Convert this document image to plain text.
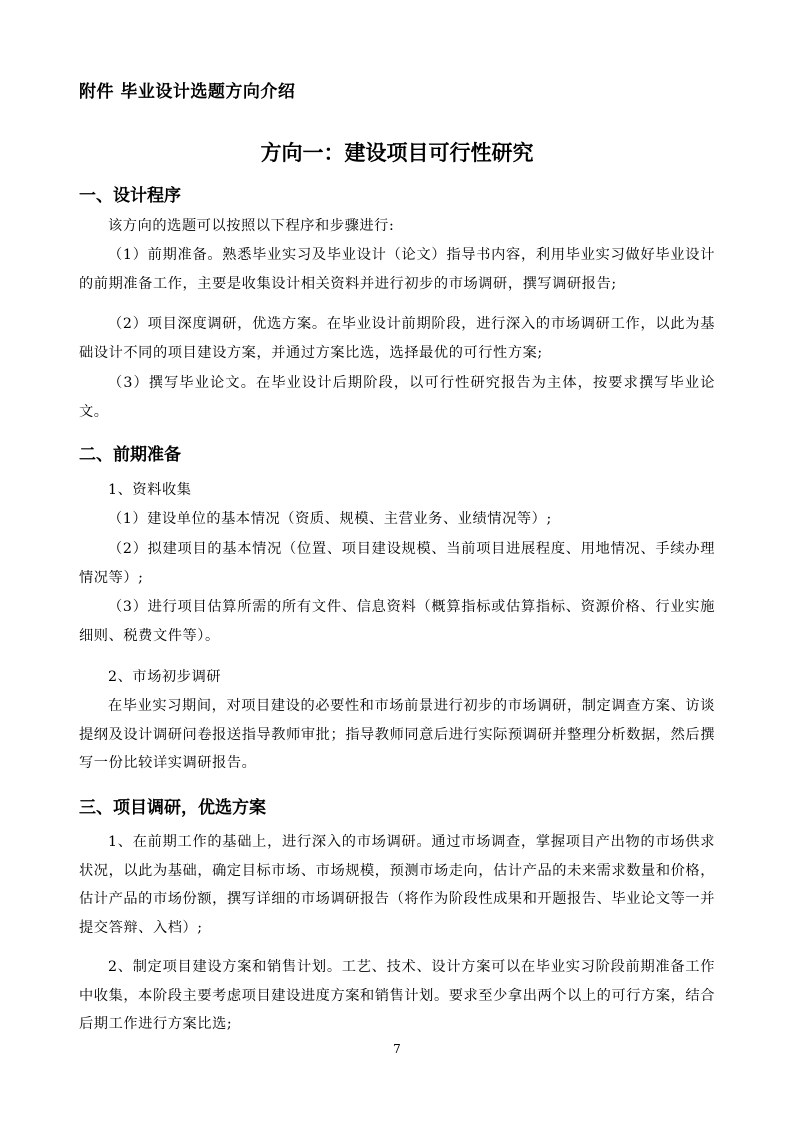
附件 毕业设计选题方向介绍
方向一：建设项目可行性研究
一、设计程序
该方向的选题可以按照以下程序和步骤进行:
（1）前期准备。熟悉毕业实习及毕业设计（论文）指导书内容，利用毕业实习做好毕业设计的前期准备工作，主要是收集设计相关资料并进行初步的市场调研，撰写调研报告;
（2）项目深度调研，优选方案。在毕业设计前期阶段，进行深入的市场调研工作，以此为基础设计不同的项目建设方案，并通过方案比选，选择最优的可行性方案;
（3）撰写毕业论文。在毕业设计后期阶段，以可行性研究报告为主体，按要求撰写毕业论文。
二、前期准备
1、资料收集
（1）建设单位的基本情况（资质、规模、主营业务、业绩情况等）;
（2）拟建项目的基本情况（位置、项目建设规模、当前项目进展程度、用地情况、手续办理情况等）;
（3）进行项目估算所需的所有文件、信息资料（概算指标或估算指标、资源价格、行业实施细则、税费文件等）。
2、市场初步调研
在毕业实习期间，对项目建设的必要性和市场前景进行初步的市场调研，制定调查方案、访谈提纲及设计调研问卷报送指导教师审批；指导教师同意后进行实际预调研并整理分析数据，然后撰写一份比较详实调研报告。
三、项目调研，优选方案
1、在前期工作的基础上，进行深入的市场调研。通过市场调查，掌握项目产出物的市场供求状况，以此为基础，确定目标市场、市场规模，预测市场走向，估计产品的未来需求数量和价格，估计产品的市场份额，撰写详细的市场调研报告（将作为阶段性成果和开题报告、毕业论文等一并提交答辩、入档）;
2、制定项目建设方案和销售计划。工艺、技术、设计方案可以在毕业实习阶段前期准备工作中收集，本阶段主要考虑项目建设进度方案和销售计划。要求至少拿出两个以上的可行方案，结合后期工作进行方案比选;
7
